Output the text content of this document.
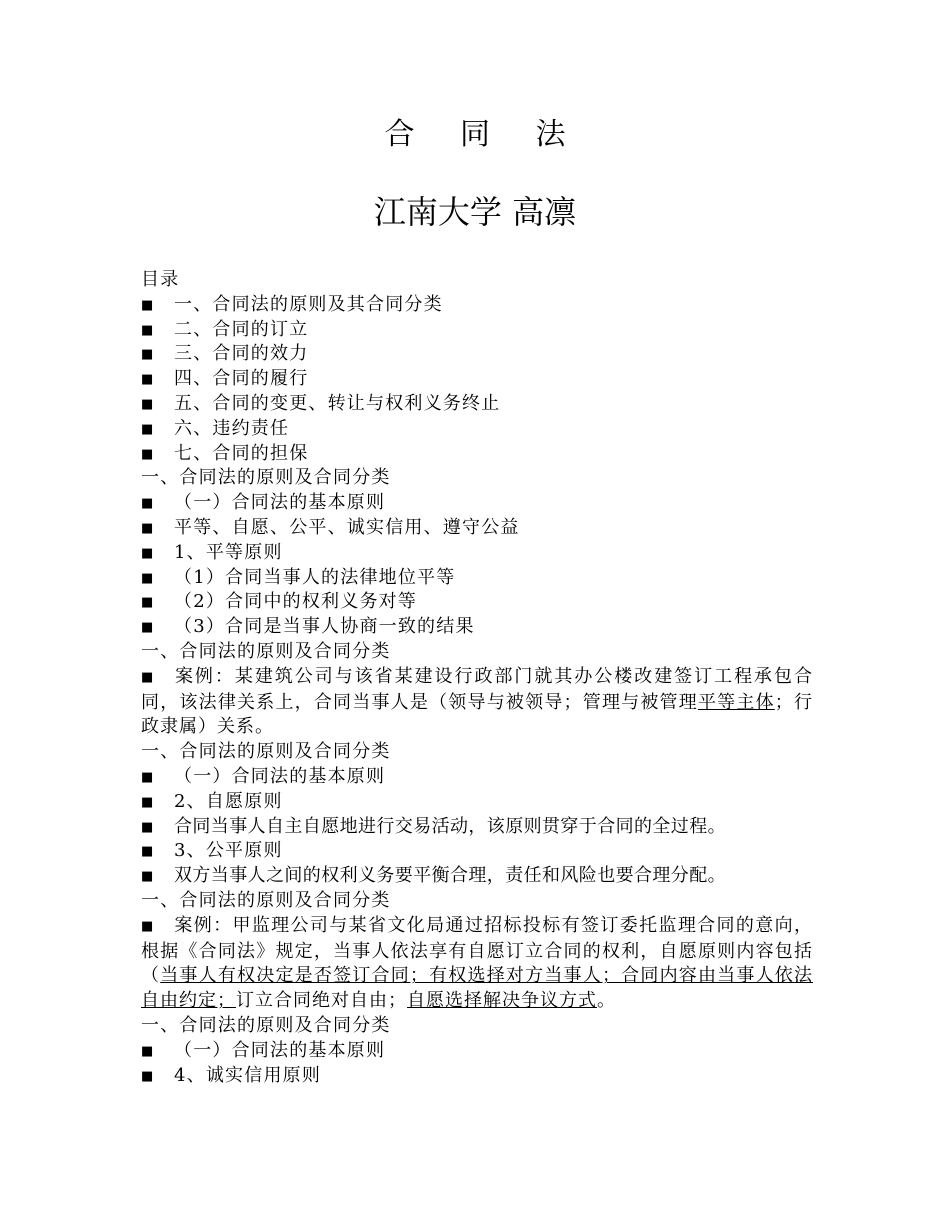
合 同 法
江南大学 高凛
目录
■ 一、合同法的原则及其合同分类
■ 二、合同的订立
■ 三、合同的效力
■ 四、合同的履行
■ 五、合同的变更、转让与权利义务终止
■ 六、违约责任
■ 七、合同的担保
一、合同法的原则及合同分类
■ （一）合同法的基本原则
■ 平等、自愿、公平、诚实信用、遵守公益
■ 1、平等原则
■ （1）合同当事人的法律地位平等
■ （2）合同中的权利义务对等
■ （3）合同是当事人协商一致的结果
一、合同法的原则及合同分类
■ 案例：某建筑公司与该省某建设行政部门就其办公楼改建签订工程承包合同，该法律关系上，合同当事人是（领导与被领导；管理与被管理平等主体；行政隶属）关系。
一、合同法的原则及合同分类
■ （一）合同法的基本原则
■ 2、自愿原则
■ 合同当事人自主自愿地进行交易活动，该原则贯穿于合同的全过程。
■ 3、公平原则
■ 双方当事人之间的权利义务要平衡合理，责任和风险也要合理分配。
一、合同法的原则及合同分类
■ 案例：甲监理公司与某省文化局通过招标投标有签订委托监理合同的意向，根据《合同法》规定，当事人依法享有自愿订立合同的权利，自愿原则内容包括（当事人有权决定是否签订合同；有权选择对方当事人；合同内容由当事人依法自由约定；订立合同绝对自由；自愿选择解决争议方式。
一、合同法的原则及合同分类
■ （一）合同法的基本原则
■ 4、诚实信用原则
